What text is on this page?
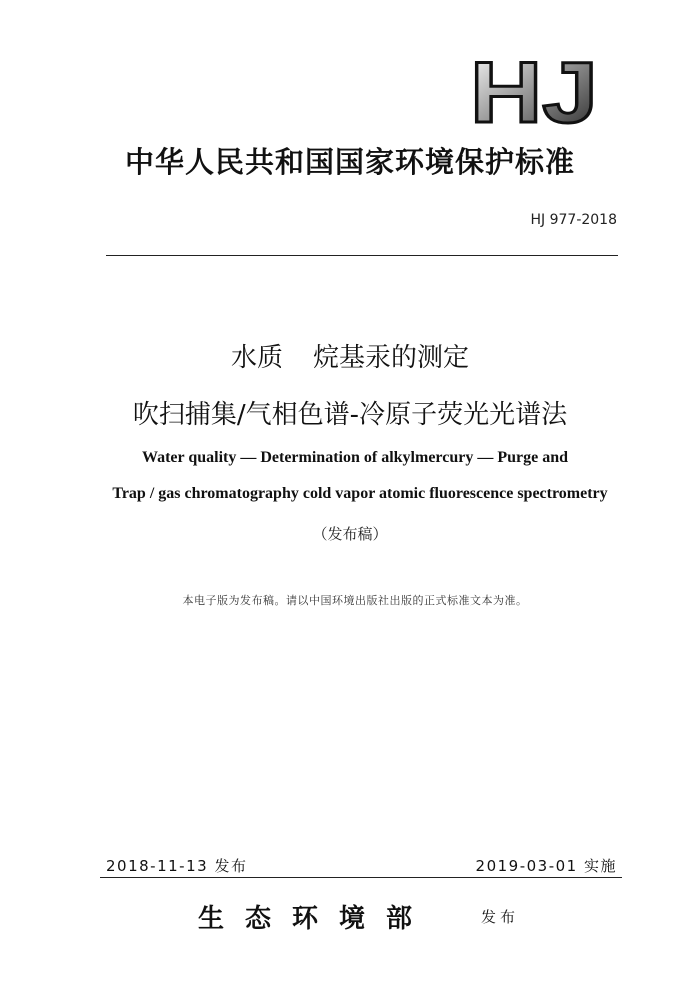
HJ
中华人民共和国国家环境保护标准
HJ 977-2018
水质 烷基汞的测定
吹扫捕集/气相色谱-冷原子荧光光谱法
Water quality — Determination of alkylmercury — Purge and
Trap / gas chromatography cold vapor atomic fluorescence spectrometry
（发布稿）
本电子版为发布稿。请以中国环境出版社出版的正式标准文本为准。
2018-11-13 发布	2019-03-01 实施
生态环境部	发布
